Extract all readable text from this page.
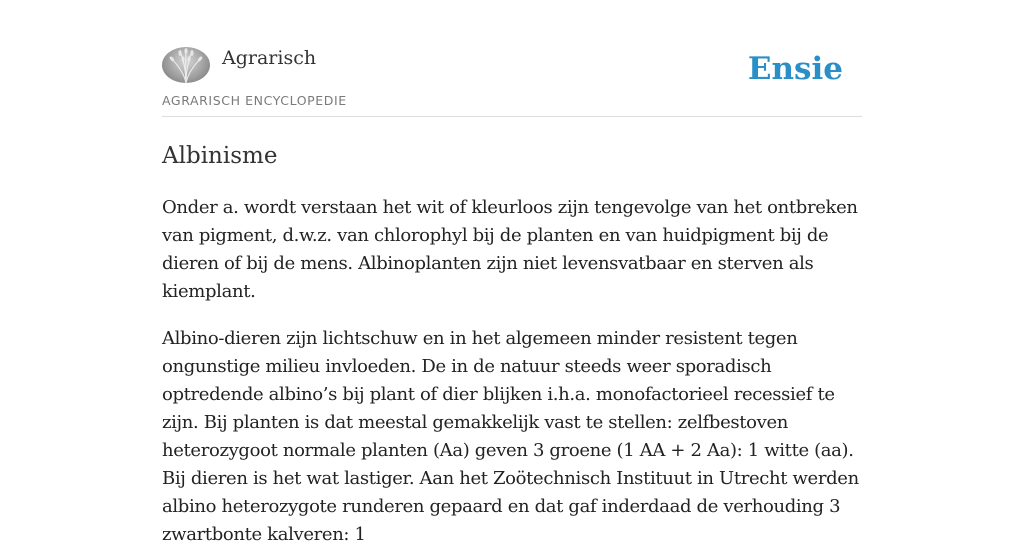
Agrarisch
AGRARISCH ENCYCLOPEDIE
Ensie
Albinisme

Onder a. wordt verstaan het wit of kleurloos zijn tengevolge van het ontbreken van pigment, d.w.z. van chlorophyl bij de planten en van huidpigment bij de dieren of bij de mens. Albinoplanten zijn niet levensvatbaar en sterven als kiemplant.

Albino-dieren zijn lichtschuw en in het algemeen minder resistent tegen ongunstige milieu invloeden. De in de natuur steeds weer sporadisch optredende albino’s bij plant of dier blijken i.h.a. monofactorieel recessief te zijn. Bij planten is dat meestal gemakkelijk vast te stellen: zelfbestoven heterozygoot normale planten (Aa) geven 3 groene (1 AA + 2 Aa): 1 witte (aa). Bij dieren is het wat lastiger. Aan het Zoötechnisch Instituut in Utrecht werden albino heterozygote runderen gepaard en dat gaf inderdaad de verhouding 3 zwartbonte kalveren: 1
